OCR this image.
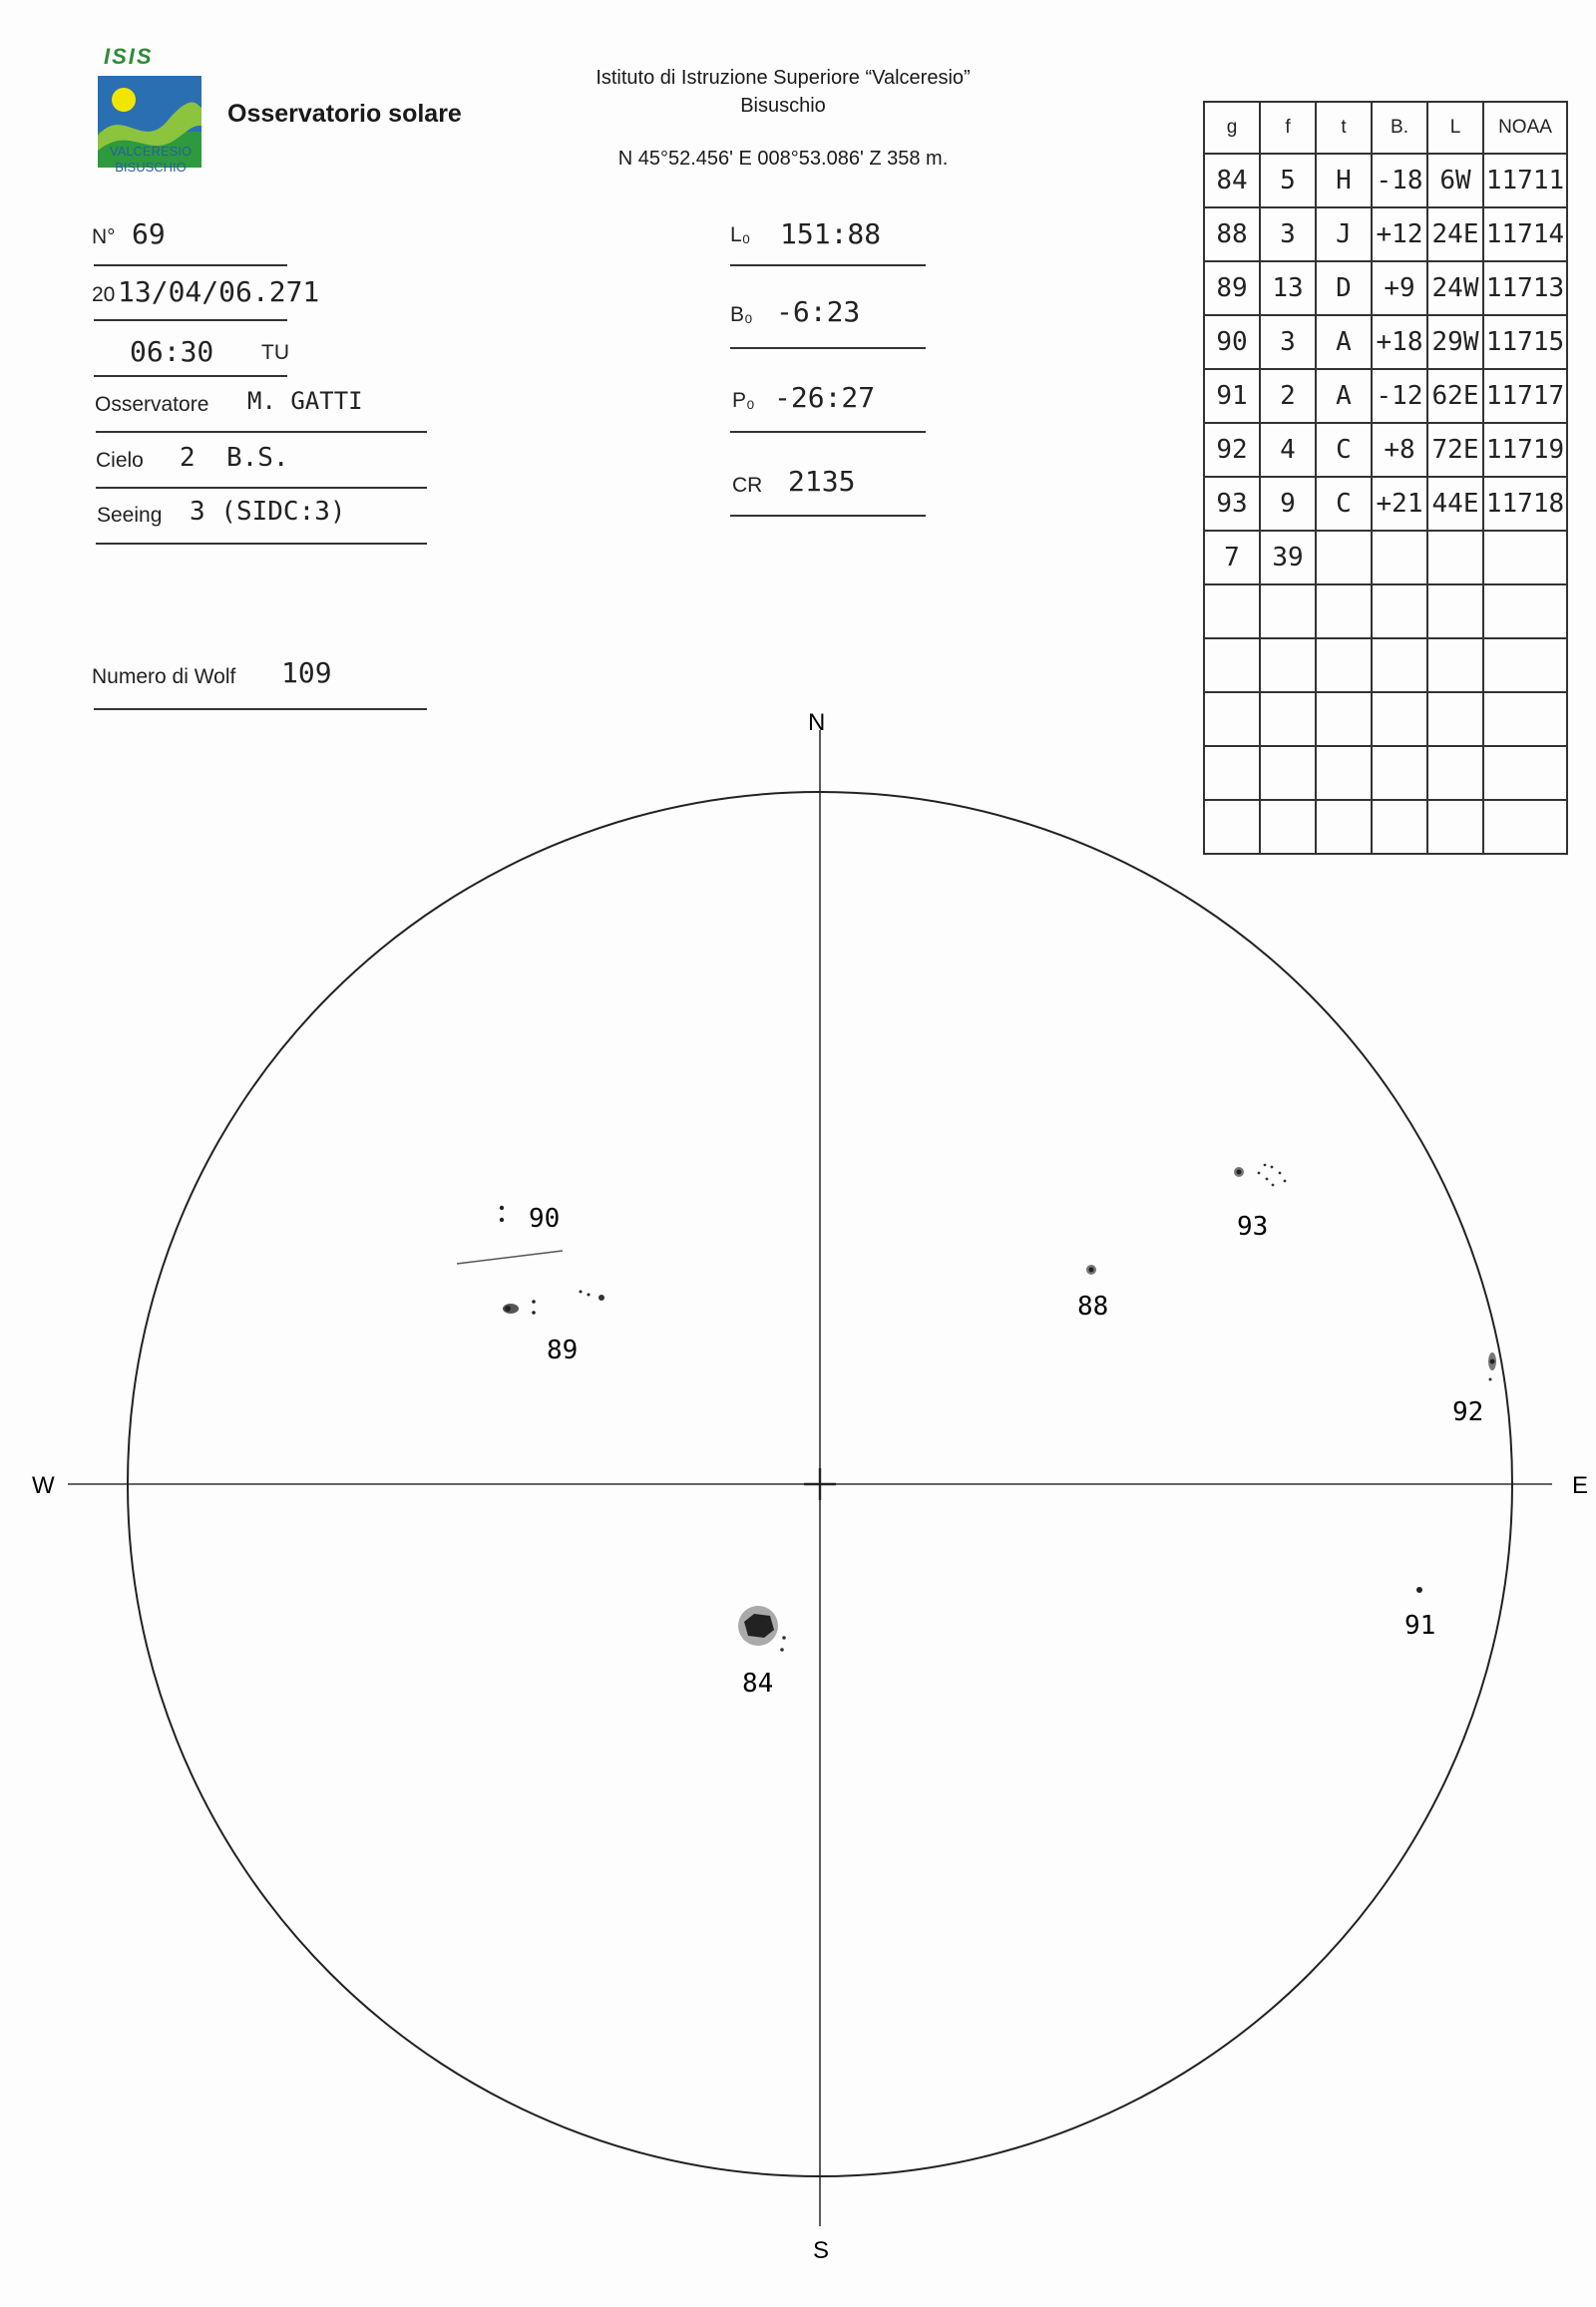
ISIS
VALCERESIO
BISUSCHIO
Osservatorio solare
Istituto di Istruzione Superiore “Valceresio”
Bisuschio
N 45°52.456' E 008°53.086' Z 358 m.
N° 69
20 13/04/06.271
06:30 TU
Osservatore M. GATTI
Cielo 2  B.S.
Seeing 3 (SIDC:3)
Numero di Wolf 109
L₀ 151:88
B₀ -6:23
P₀ -26:27
CR 2135
g	f	t	B.	L	NOAA
84	5	H	-18	6W	11711
88	3	J	+12	24E	11714
89	13	D	+9	24W	11713
90	3	A	+18	29W	11715
91	2	A	-12	62E	11717
92	4	C	+8	72E	11719
93	9	C	+21	44E	11718
7	39				

N
S
W	E
90
89
88
93
92
91
84
